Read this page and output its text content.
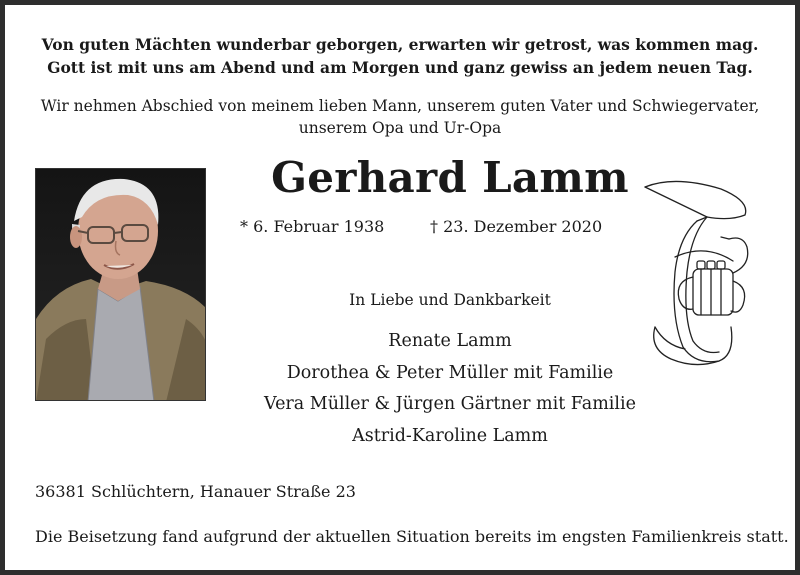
Von guten Mächten wunderbar geborgen, erwarten wir getrost, was kommen mag.
Gott ist mit uns am Abend und am Morgen und ganz gewiss an jedem neuen Tag.
Wir nehmen Abschied von meinem lieben Mann, unserem guten Vater und Schwiegervater,
unserem Opa und Ur-Opa
Gerhard Lamm
* 6. Februar 1938	† 23. Dezember 2020
In Liebe und Dankbarkeit
Renate Lamm
Dorothea & Peter Müller mit Familie
Vera Müller & Jürgen Gärtner mit Familie
Astrid-Karoline Lamm
36381 Schlüchtern, Hanauer Straße 23
Die Beisetzung fand aufgrund der aktuellen Situation bereits im engsten Familienkreis statt.
